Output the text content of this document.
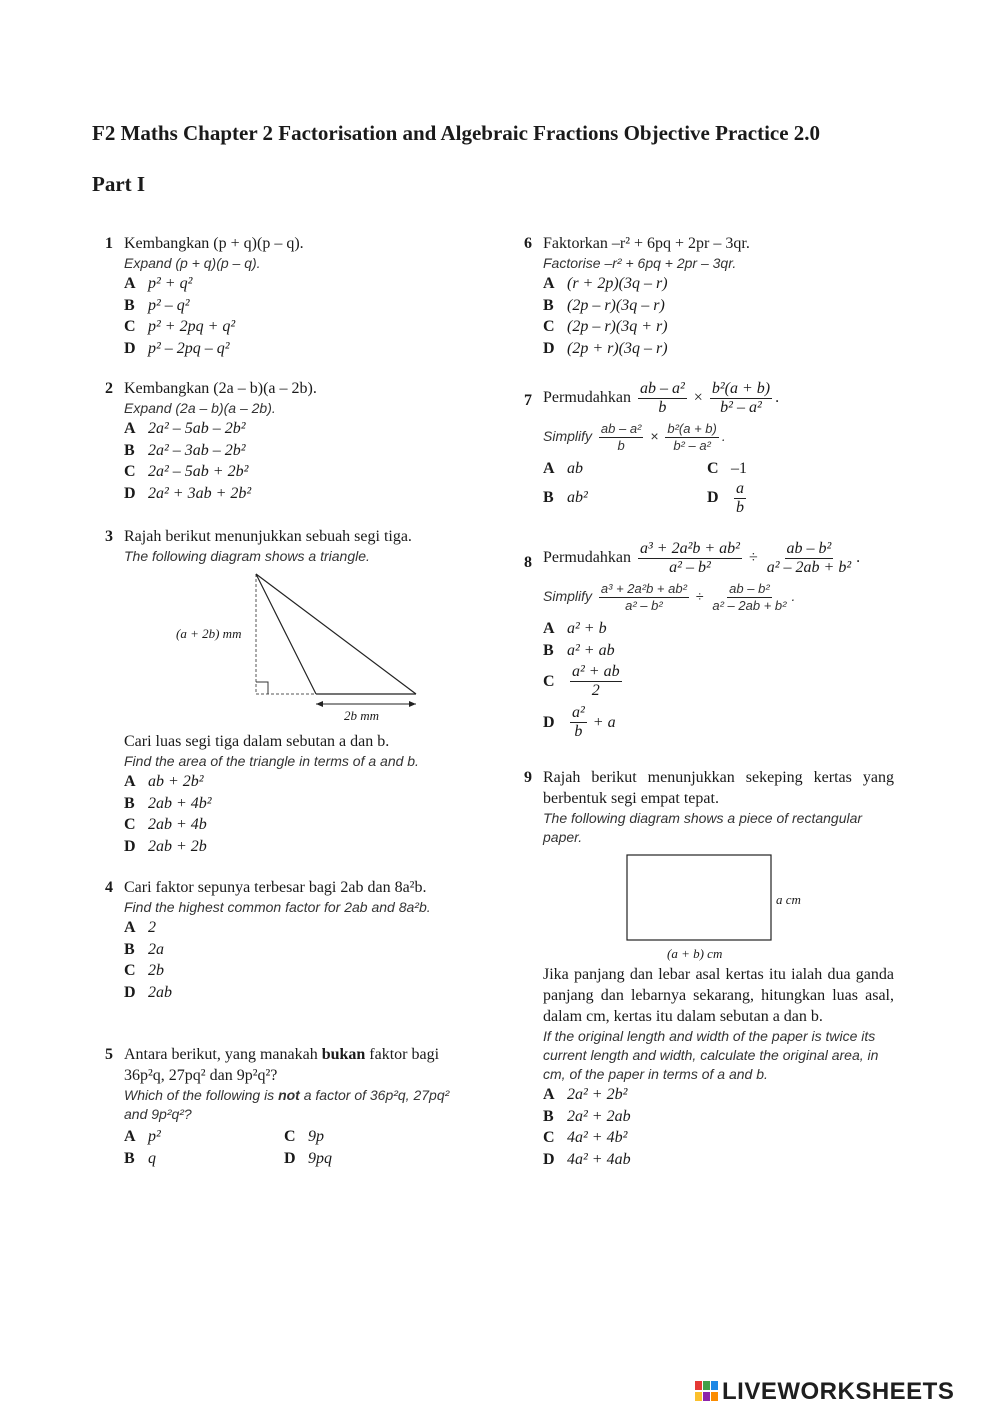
F2 Maths Chapter 2 Factorisation and Algebraic Fractions Objective Practice 2.0
Part I
1 Kembangkan (p + q)(p – q).
Expand (p + q)(p – q).
A p² + q²
B p² – q²
C p² + 2pq + q²
D p² – 2pq – q²
2 Kembangkan (2a – b)(a – 2b).
Expand (2a – b)(a – 2b).
A 2a² – 5ab – 2b²
B 2a² – 3ab – 2b²
C 2a² – 5ab + 2b²
D 2a² + 3ab + 2b²
3 Rajah berikut menunjukkan sebuah segi tiga.
The following diagram shows a triangle.
(a + 2b) mm
2b mm
Cari luas segi tiga dalam sebutan a dan b.
Find the area of the triangle in terms of a and b.
A ab + 2b²
B 2ab + 4b²
C 2ab + 4b
D 2ab + 2b
4 Cari faktor sepunya terbesar bagi 2ab dan 8a²b.
Find the highest common factor for 2ab and 8a²b.
A 2
B 2a
C 2b
D 2ab
5 Antara berikut, yang manakah bukan faktor bagi 36p²q, 27pq² dan 9p²q²?
Which of the following is not a factor of 36p²q, 27pq² and 9p²q²?
A p²	C 9p
B q	D 9pq
6 Faktorkan –r² + 6pq + 2pr – 3qr.
Factorise –r² + 6pq + 2pr – 3qr.
A (r + 2p)(3q – r)
B (2p – r)(3q – r)
C (2p – r)(3q + r)
D (2p + r)(3q – r)
7 Permudahkan $\frac{\text{ab – a²}}{b} \times \frac{\text{b²(a + b)}}{\text{b² – a²}}$ .
Simplify $\frac{\text{ab – a²}}{b} \times \frac{\text{b²(a + b)}}{\text{b² – a²}}$ .
A ab	C –1
B ab²	D $\frac{a}{b}$
8 Permudahkan $\frac{\text{a³ + 2a²b + ab²}}{\text{a² – b²}} \div \frac{\text{ab – b²}}{\text{a² – 2ab + b²}}$ .
Simplify $\frac{\text{a³ + 2a²b + ab²}}{\text{a² – b²}} \div \frac{\text{ab – b²}}{\text{a² – 2ab + b²}}$ .
A a² + b
B a² + ab
C $\frac{\text{a² + ab}}{2}$
D $\frac{\text{a²}}{b} + a$
9 Rajah berikut menunjukkan sekeping kertas yang berbentuk segi empat tepat.
The following diagram shows a piece of rectangular paper.
a cm
(a + b) cm
Jika panjang dan lebar asal kertas itu ialah dua ganda panjang dan lebarnya sekarang, hitungkan luas asal, dalam cm, kertas itu dalam sebutan a dan b.
If the original length and width of the paper is twice its current length and width, calculate the original area, in cm, of the paper in terms of a and b.
A 2a² + 2b²
B 2a² + 2ab
C 4a² + 4b²
D 4a² + 4ab
LIVEWORKSHEETS
